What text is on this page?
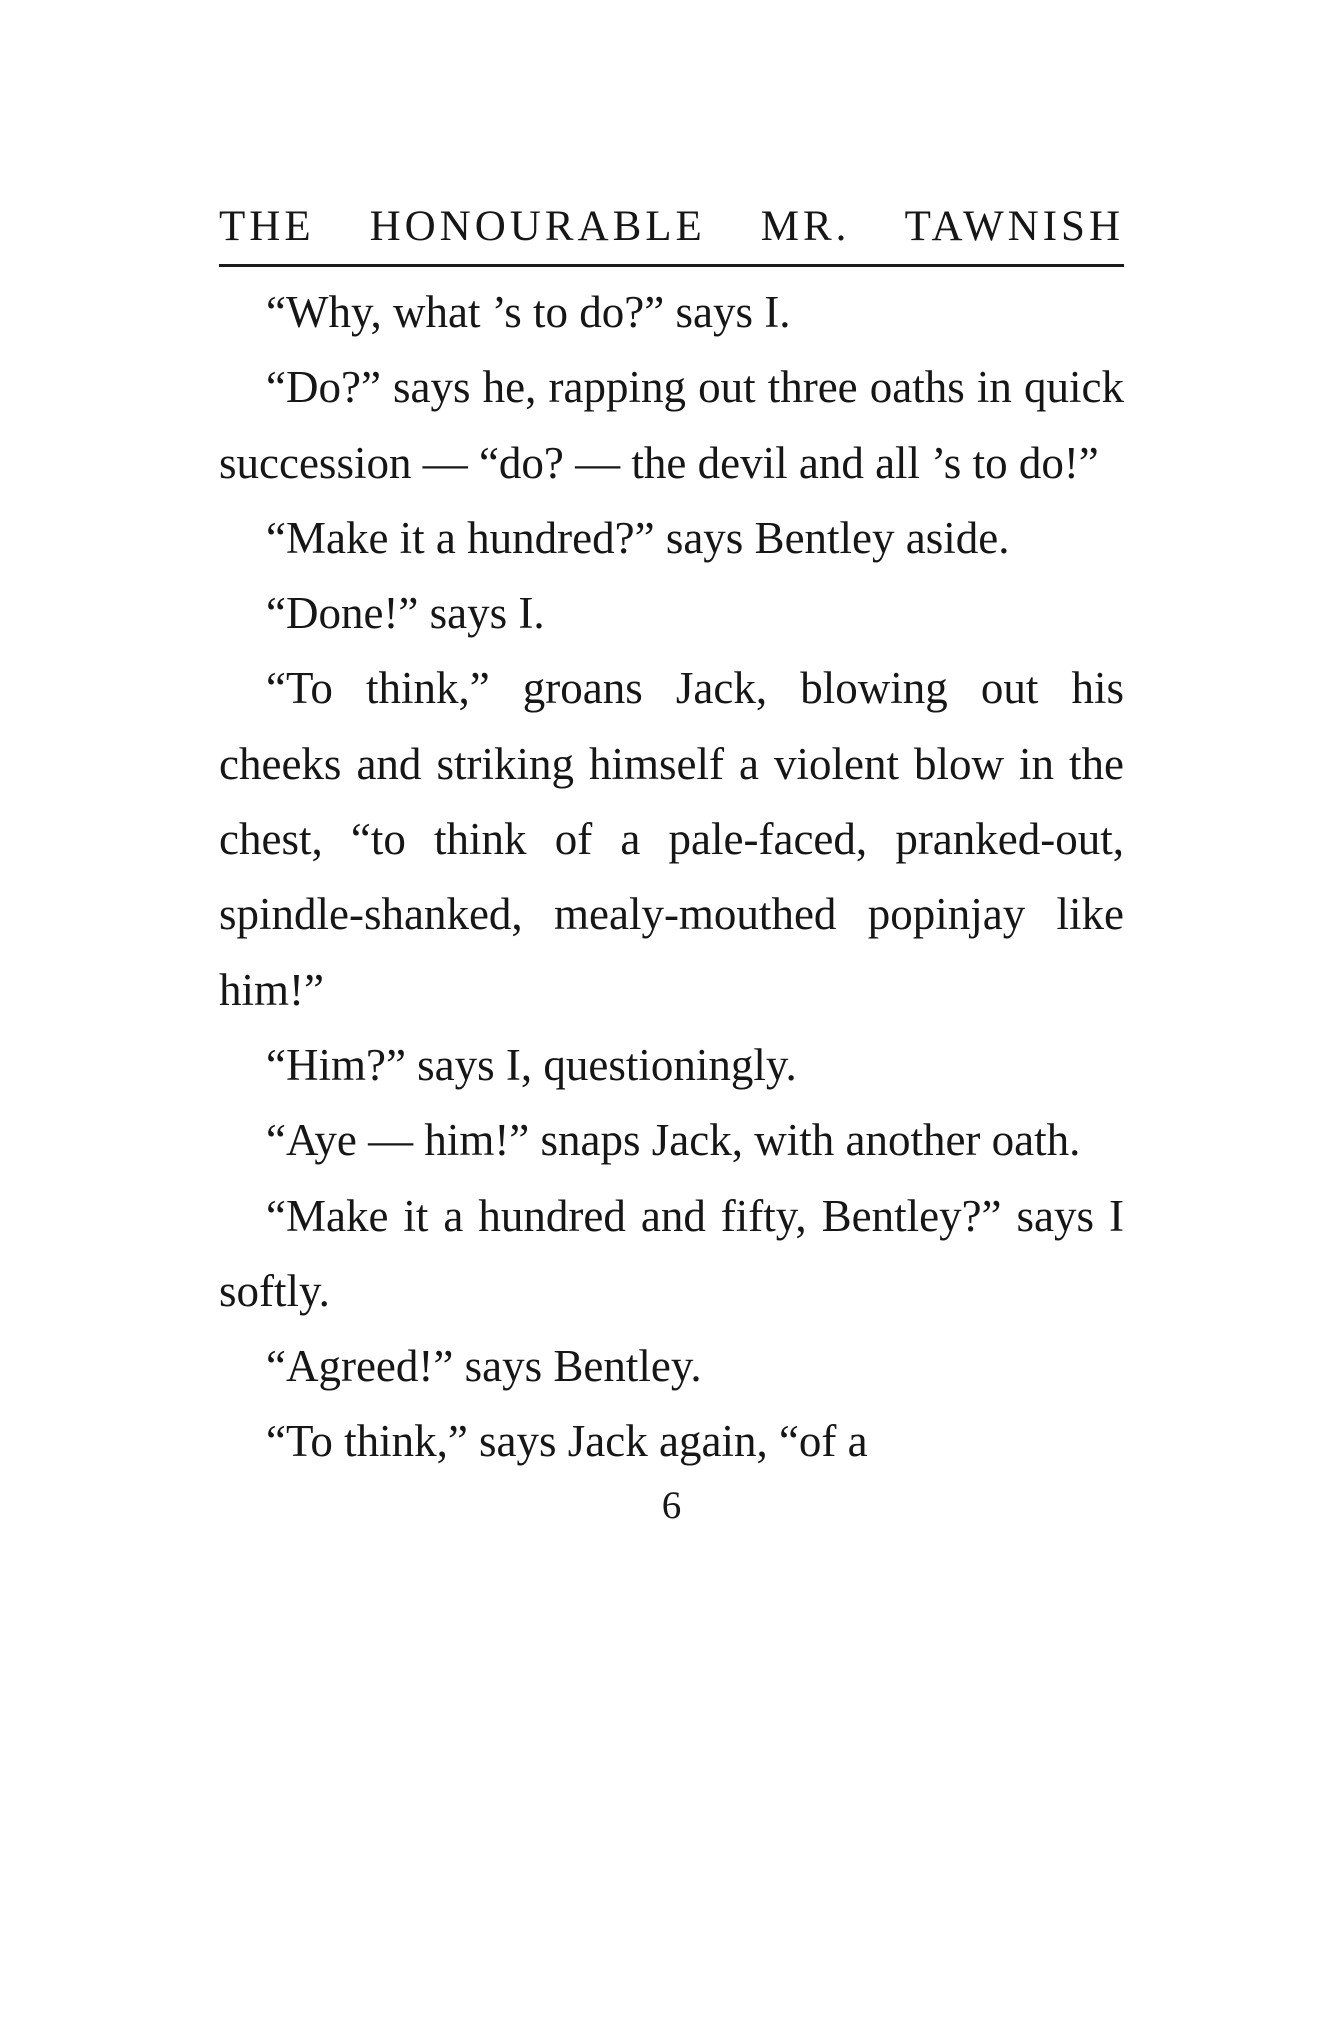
THE HONOURABLE MR. TAWNISH

“Why, what ’s to do?” says I.

“Do?” says he, rapping out three oaths in quick succession — “do? — the devil and all ’s to do!”

“Make it a hundred?” says Bentley aside.

“Done!” says I.

“To think,” groans Jack, blowing out his cheeks and striking himself a violent blow in the chest, “to think of a pale-faced, pranked-out, spindle-shanked, mealy-mouthed popinjay like him!”

“Him?” says I, questioningly.

“Aye — him!” snaps Jack, with another oath.

“Make it a hundred and fifty, Bentley?” says I softly.

“Agreed!” says Bentley.

“To think,” says Jack again, “of a

6
